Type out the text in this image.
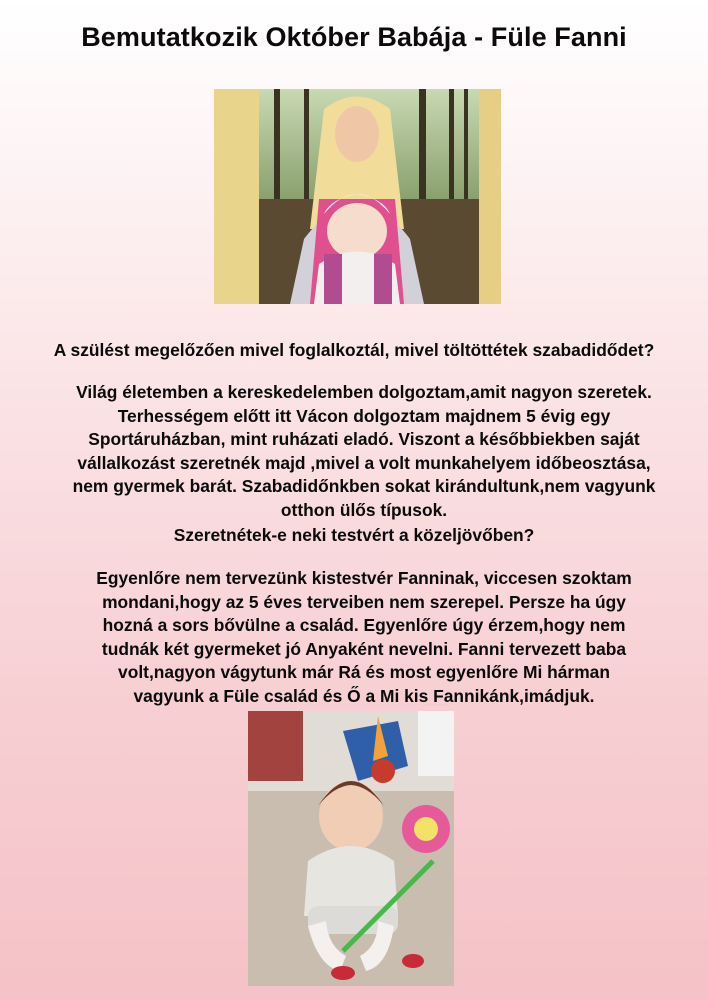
Bemutatkozik Október Babája - Füle Fanni
A szülést megelőzően mivel foglalkoztál, mivel töltöttétek szabadidődet?
Világ életemben a kereskedelemben dolgoztam,amit nagyon szeretek.
Terhességem előtt itt Vácon dolgoztam majdnem 5 évig egy
Sportáruházban, mint ruházati eladó. Viszont a későbbiekben saját
vállalkozást szeretnék majd ,mivel a volt munkahelyem időbeosztása,
nem gyermek barát. Szabadidőnkben sokat kirándultunk,nem vagyunk
otthon ülős típusok.
Szeretnétek-e neki testvért a közeljövőben?
Egyenlőre nem tervezünk kistestvér Fanninak, viccesen szoktam
mondani,hogy az 5 éves terveiben nem szerepel. Persze ha úgy
hozná a sors bővülne a család. Egyenlőre úgy érzem,hogy nem
tudnák két gyermeket jó Anyaként nevelni. Fanni tervezett baba
volt,nagyon vágytunk már Rá és most egyenlőre Mi hárman
vagyunk a Füle család és Ő a Mi kis Fannikánk,imádjuk.
